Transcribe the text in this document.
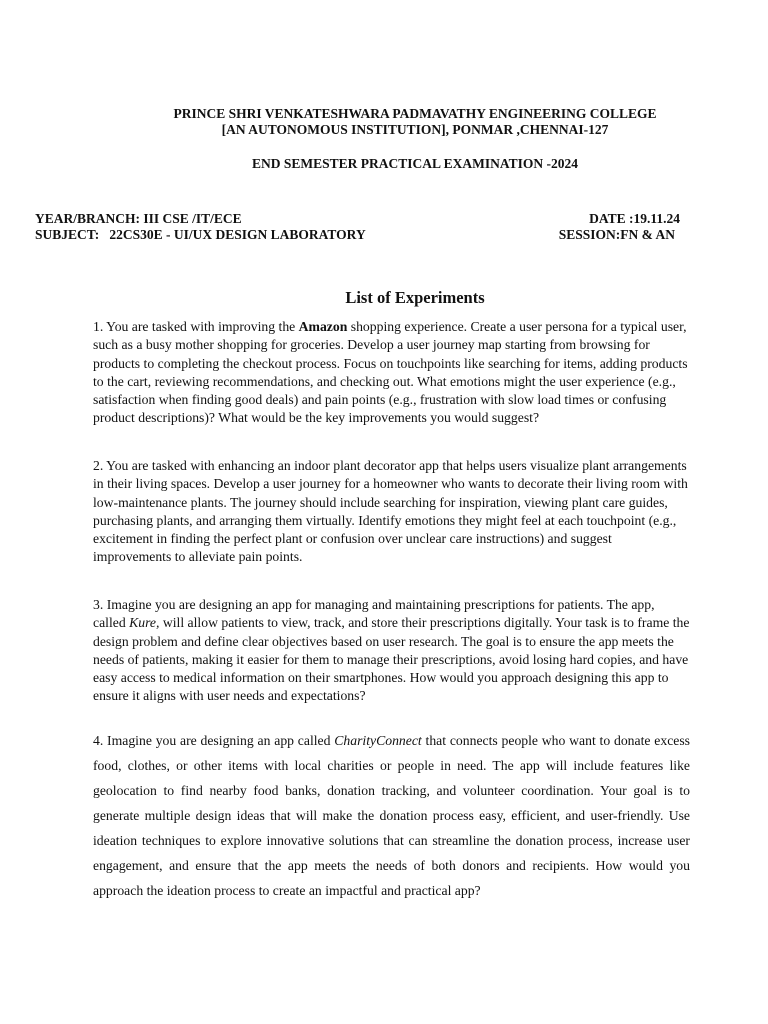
PRINCE SHRI VENKATESHWARA PADMAVATHY ENGINEERING COLLEGE
[AN AUTONOMOUS INSTITUTION], PONMAR ,CHENNAI-127
END SEMESTER PRACTICAL EXAMINATION -2024
YEAR/BRANCH: III CSE /IT/ECE
SUBJECT:   22CS30E - UI/UX DESIGN LABORATORY
DATE :19.11.24
SESSION:FN & AN
List of Experiments

1. You are tasked with improving the Amazon shopping experience. Create a user persona for a typical user, such as a busy mother shopping for groceries. Develop a user journey map starting from browsing for products to completing the checkout process. Focus on touchpoints like searching for items, adding products to the cart, reviewing recommendations, and checking out. What emotions might the user experience (e.g., satisfaction when finding good deals) and pain points (e.g., frustration with slow load times or confusing product descriptions)? What would be the key improvements you would suggest?

2. You are tasked with enhancing an indoor plant decorator app that helps users visualize plant arrangements in their living spaces. Develop a user journey for a homeowner who wants to decorate their living room with low-maintenance plants. The journey should include searching for inspiration, viewing plant care guides, purchasing plants, and arranging them virtually. Identify emotions they might feel at each touchpoint (e.g., excitement in finding the perfect plant or confusion over unclear care instructions) and suggest improvements to alleviate pain points.

3. Imagine you are designing an app for managing and maintaining prescriptions for patients. The app, called Kure, will allow patients to view, track, and store their prescriptions digitally. Your task is to frame the design problem and define clear objectives based on user research. The goal is to ensure the app meets the needs of patients, making it easier for them to manage their prescriptions, avoid losing hard copies, and have easy access to medical information on their smartphones. How would you approach designing this app to ensure it aligns with user needs and expectations?

4. Imagine you are designing an app called CharityConnect that connects people who want to donate excess food, clothes, or other items with local charities or people in need. The app will include features like geolocation to find nearby food banks, donation tracking, and volunteer coordination. Your goal is to generate multiple design ideas that will make the donation process easy, efficient, and user-friendly. Use ideation techniques to explore innovative solutions that can streamline the donation process, increase user engagement, and ensure that the app meets the needs of both donors and recipients. How would you approach the ideation process to create an impactful and practical app?
